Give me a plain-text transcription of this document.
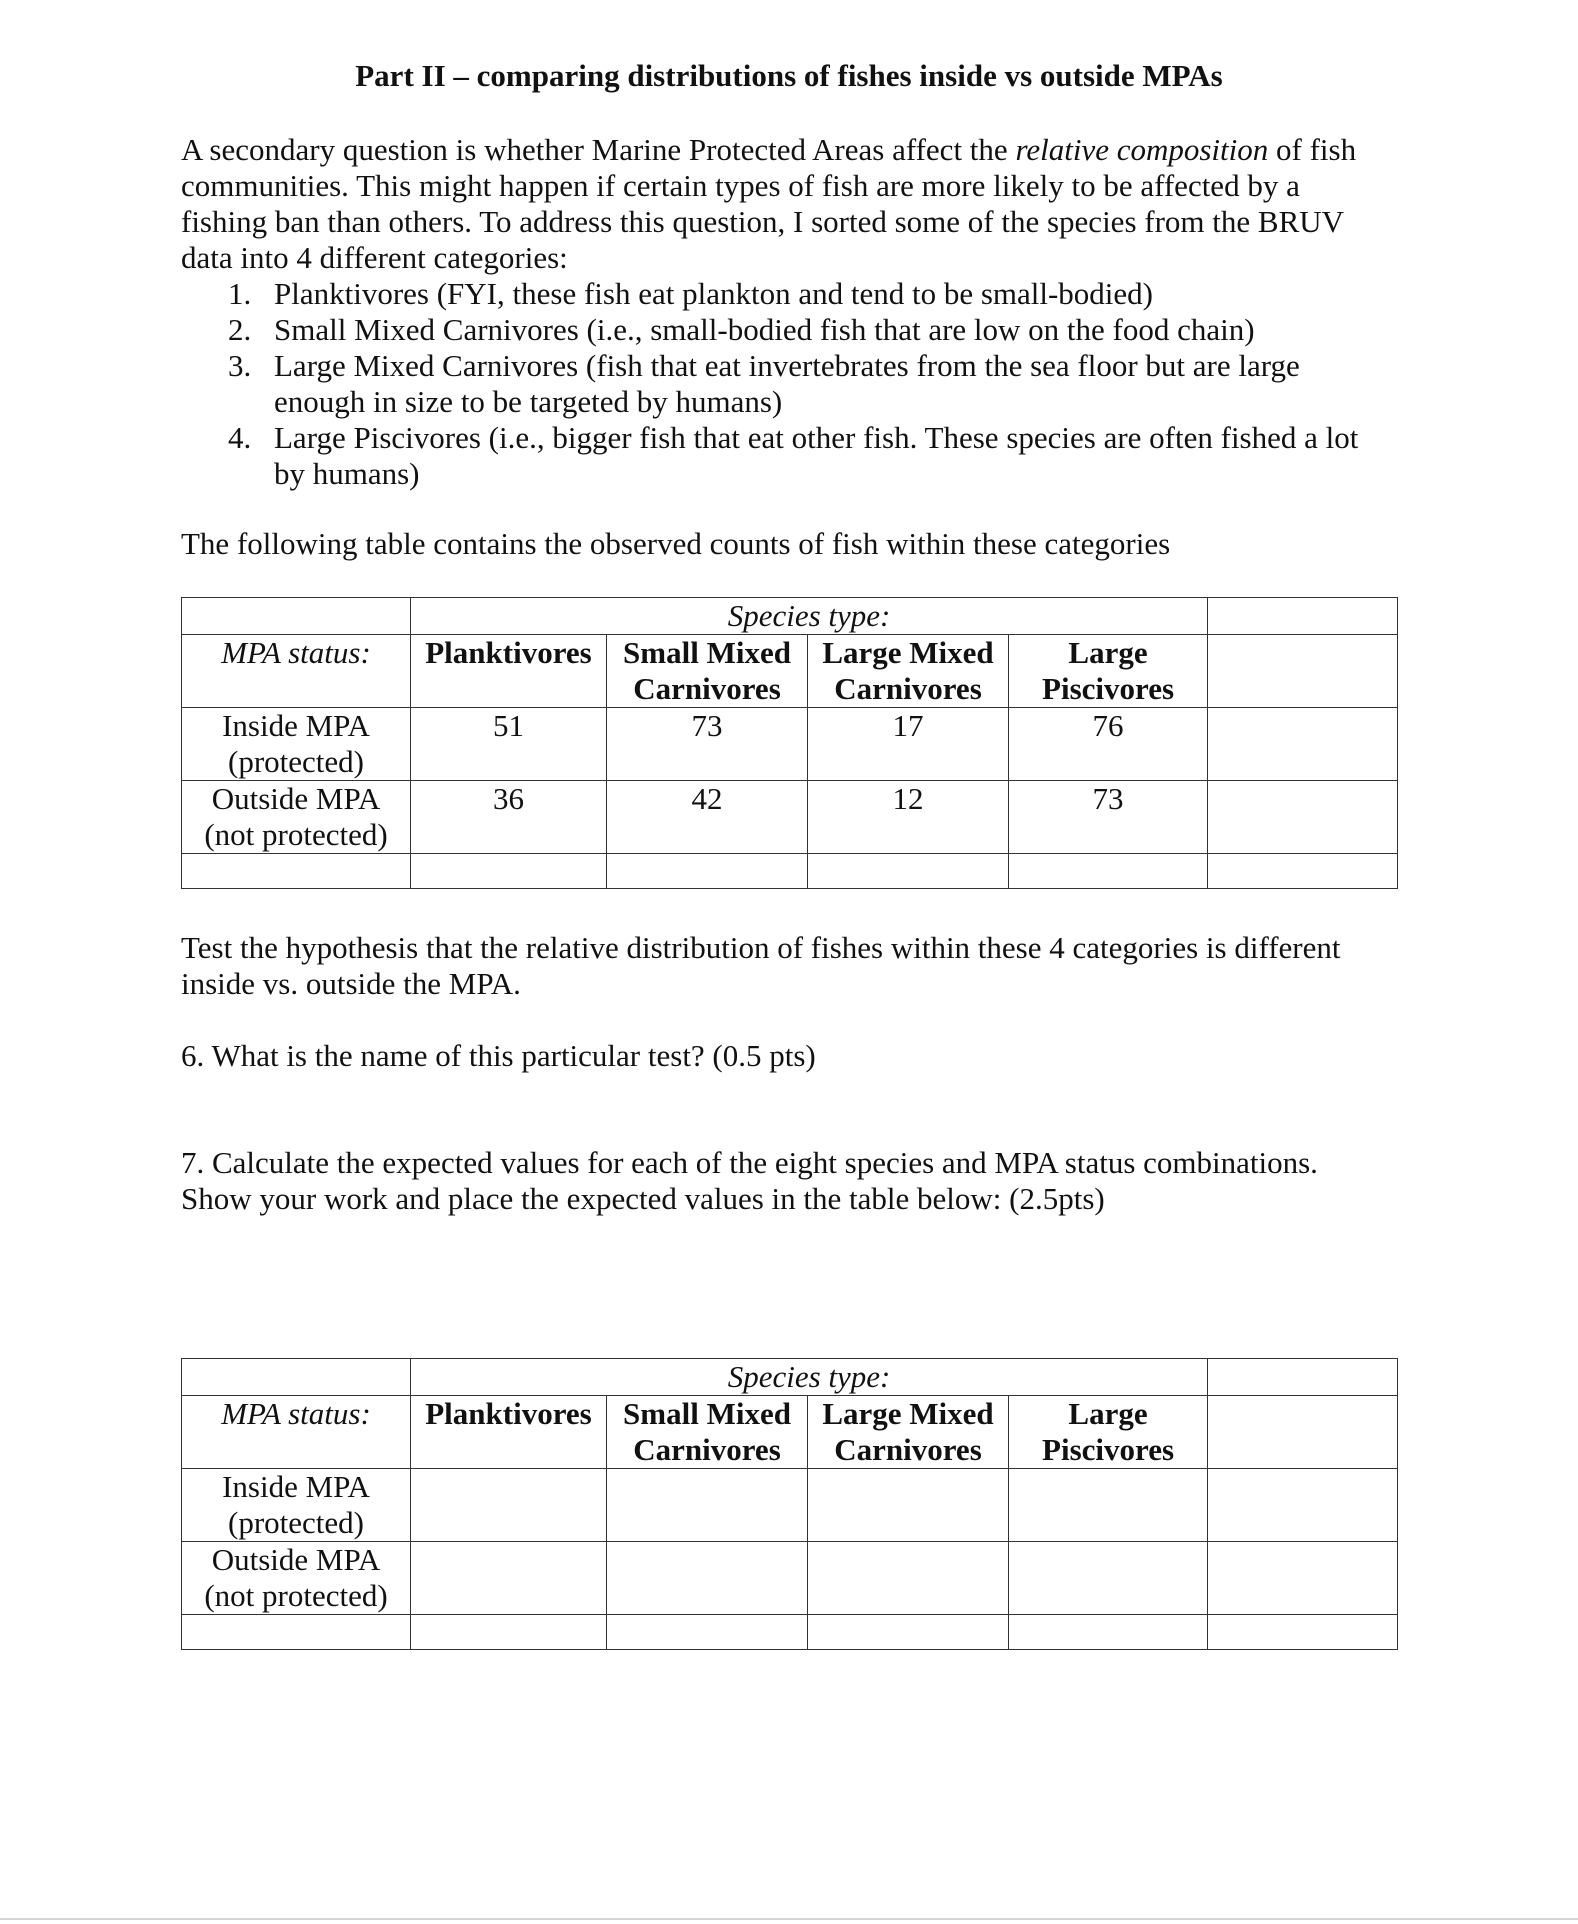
Part II – comparing distributions of fishes inside vs outside MPAs

A secondary question is whether Marine Protected Areas affect the relative composition of fish communities. This might happen if certain types of fish are more likely to be affected by a fishing ban than others. To address this question, I sorted some of the species from the BRUV data into 4 different categories:

1. Planktivores (FYI, these fish eat plankton and tend to be small-bodied)
2. Small Mixed Carnivores (i.e., small-bodied fish that are low on the food chain)
3. Large Mixed Carnivores (fish that eat invertebrates from the sea floor but are large enough in size to be targeted by humans)
4. Large Piscivores (i.e., bigger fish that eat other fish. These species are often fished a lot by humans)

The following table contains the observed counts of fish within these categories

	Species type:				
MPA status:	Planktivores	Small Mixed Carnivores	Large Mixed Carnivores	Large Piscivores	

Inside MPA
(protected)	51	73	17	76	

Outside MPA
(not protected)	36	42	12	73	

Test the hypothesis that the relative distribution of fishes within these 4 categories is different inside vs. outside the MPA.

6. What is the name of this particular test? (0.5 pts)

7. Calculate the expected values for each of the eight species and MPA status combinations. Show your work and place the expected values in the table below: (2.5pts)

	Species type:				
MPA status:	Planktivores	Small Mixed Carnivores	Large Mixed Carnivores	Large Piscivores	

Inside MPA
(protected)					

Outside MPA
(not protected)					
